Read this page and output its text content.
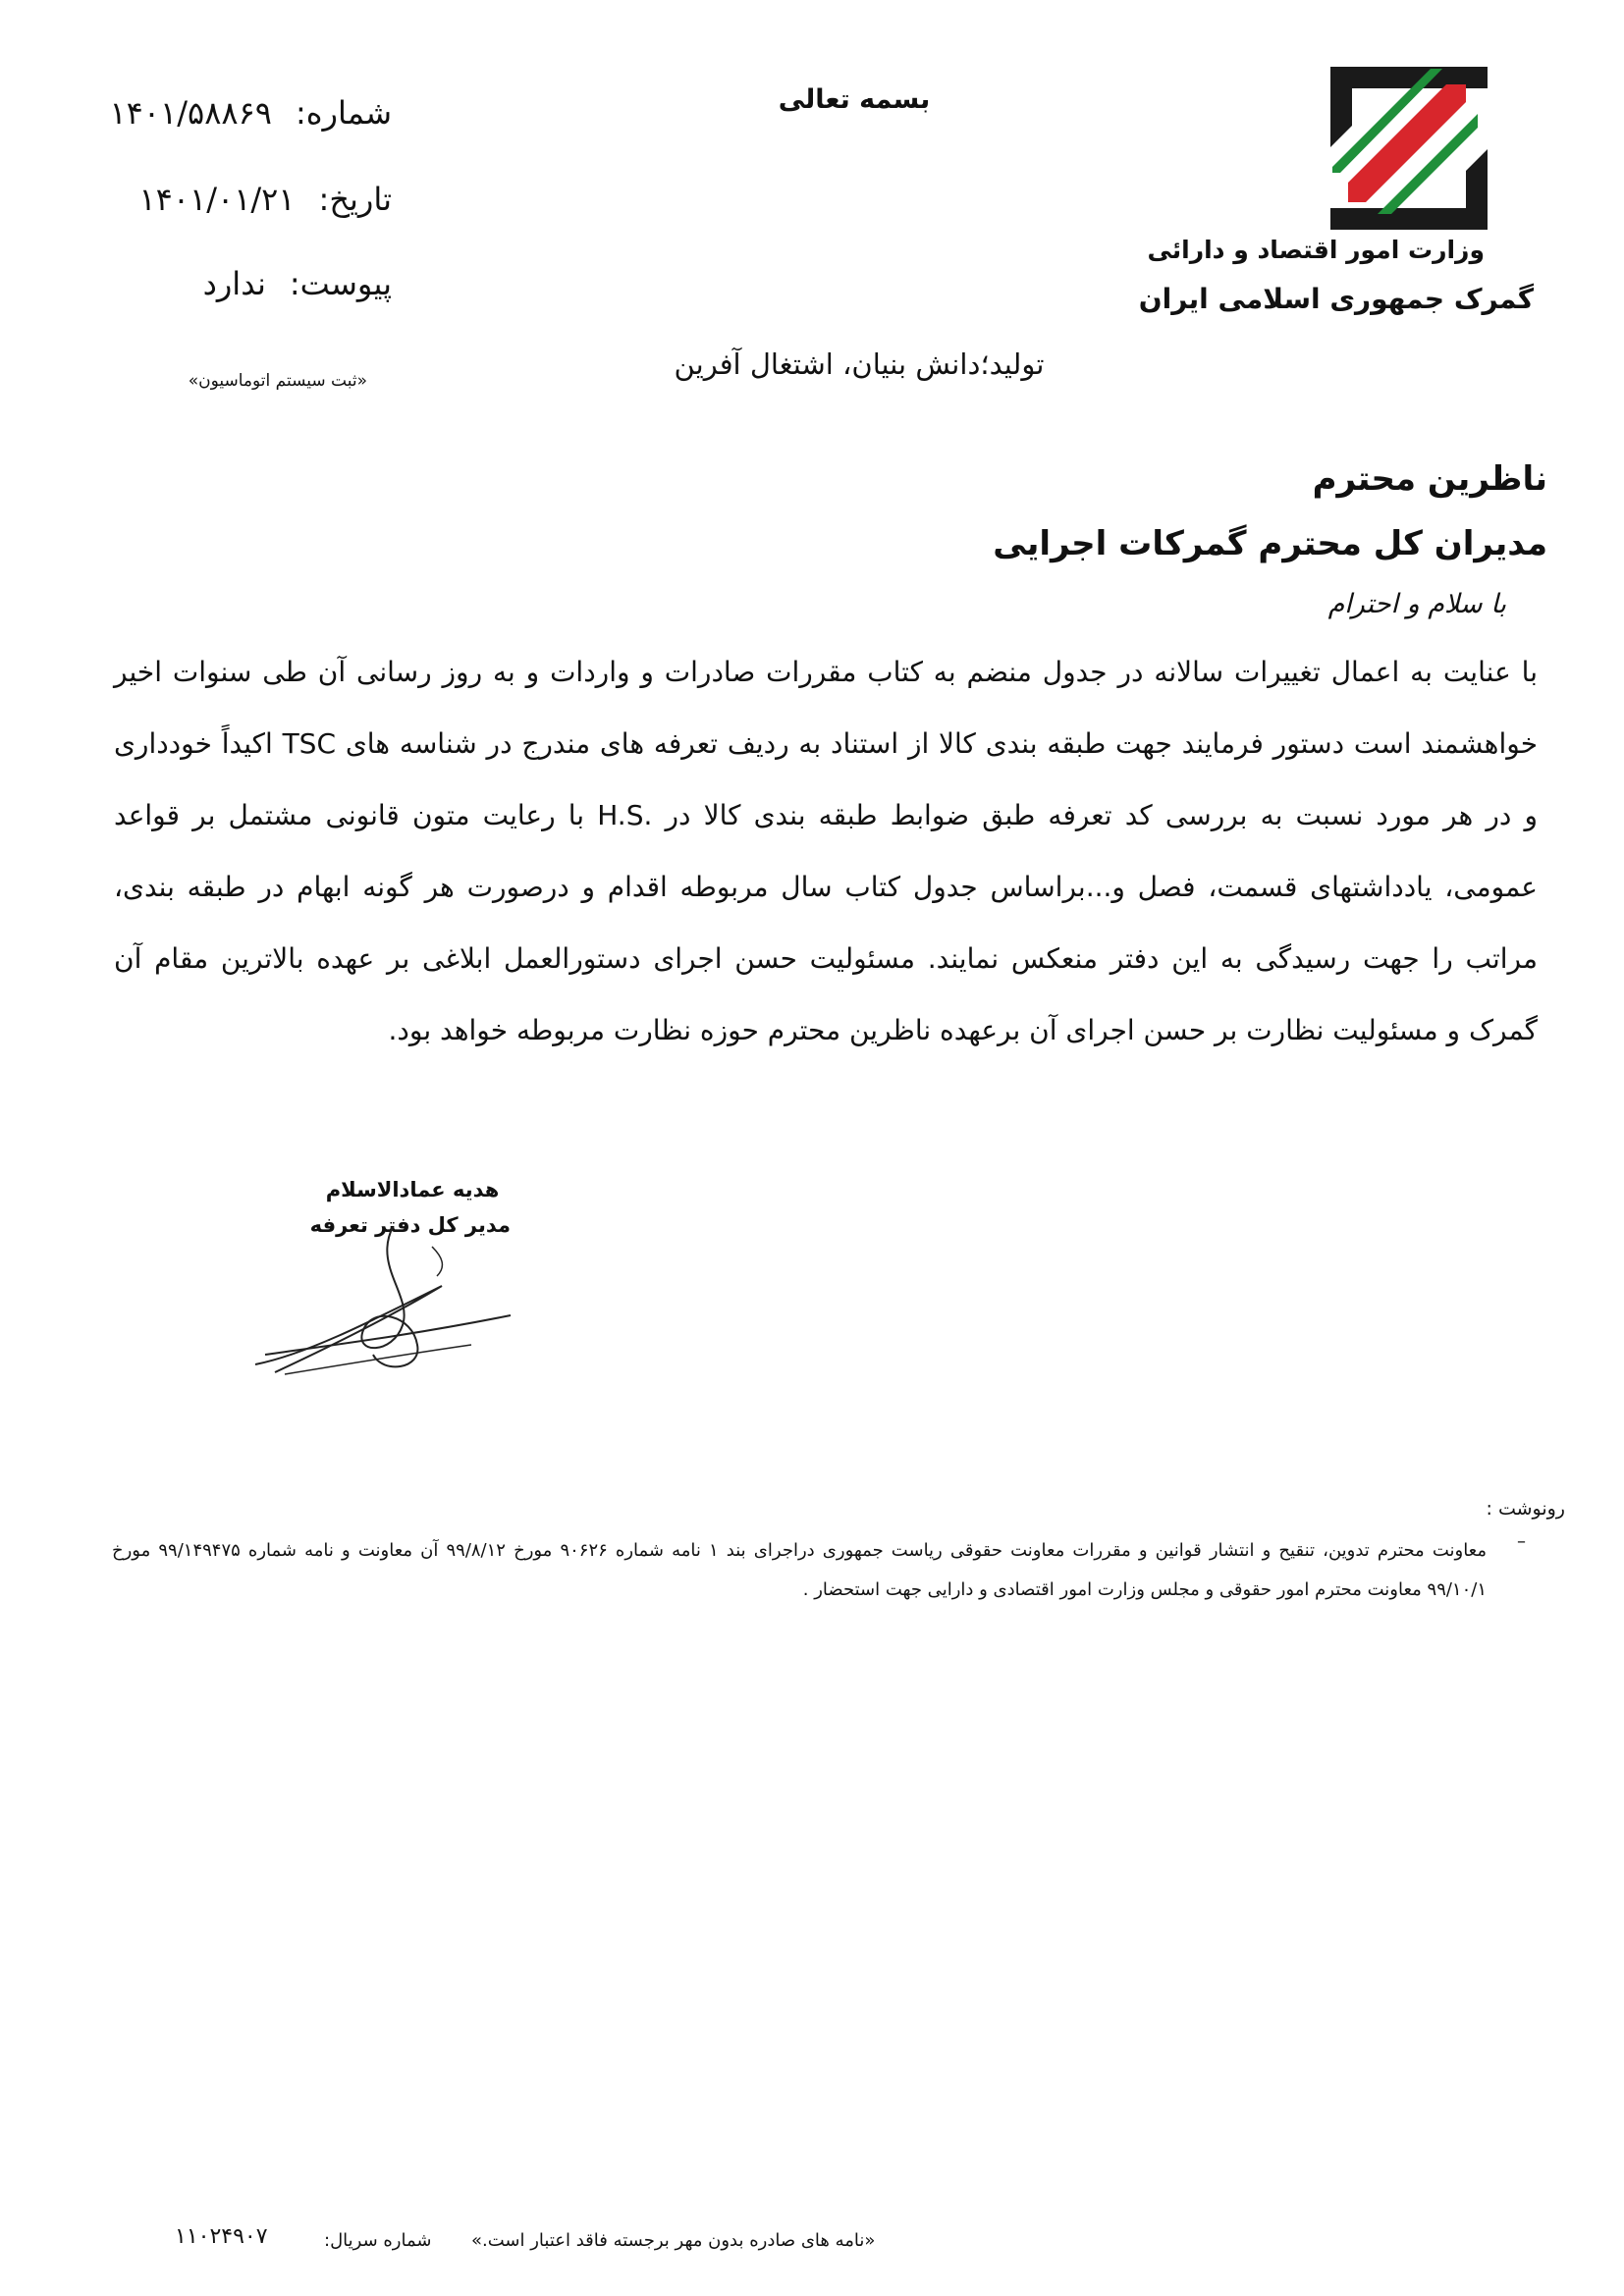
وزارت امور اقتصاد و دارائی
گمرک جمهوری اسلامی ایران
بسمه تعالی
تولید؛دانش بنیان، اشتغال آفرین
شماره:۱۴۰۱/۵۸۸۶۹
تاریخ:۱۴۰۱/۰۱/۲۱
پیوست:ندارد
«ثبت سیستم اتوماسیون»
ناظرین محترم
مدیران کل محترم گمرکات اجرایی
با سلام و احترام
با عنایت به اعمال تغییرات سالانه در جدول منضم به کتاب مقررات صادرات و واردات و به روز رسانی آن طی سنوات اخیر خواهشمند است دستور فرمایند جهت طبقه بندی کالا از استناد به ردیف تعرفه های مندرج در شناسه های TSC اکیداً خودداری و در هر مورد نسبت به بررسی کد تعرفه طبق ضوابط طبقه بندی کالا در .H.S با رعایت متون قانونی مشتمل بر قواعد عمومی، یادداشتهای قسمت، فصل و...براساس جدول کتاب سال مربوطه اقدام و درصورت هر گونه ابهام در طبقه بندی، مراتب را جهت رسیدگی به این دفتر منعکس نمایند. مسئولیت حسن اجرای دستورالعمل ابلاغی بر عهده بالاترین مقام آن گمرک و مسئولیت نظارت بر حسن اجرای آن برعهده ناظرین محترم حوزه نظارت مربوطه خواهد بود.
هدیه عمادالاسلام
مدیر کل دفتر تعرفه
رونوشت :
–
معاونت محترم تدوین، تنقیح و انتشار قوانین و مقررات معاونت حقوقی ریاست جمهوری دراجرای بند ۱ نامه شماره ۹۰۶۲۶ مورخ ۹۹/۸/۱۲ آن معاونت و نامه شماره ۹۹/۱۴۹۴۷۵ مورخ ۹۹/۱۰/۱ معاونت محترم امور حقوقی و مجلس وزارت امور اقتصادی و دارایی جهت استحضار .
«نامه های صادره بدون مهر برجسته فاقد اعتبار است.»
شماره سریال:
۱۱۰۲۴۹۰۷
